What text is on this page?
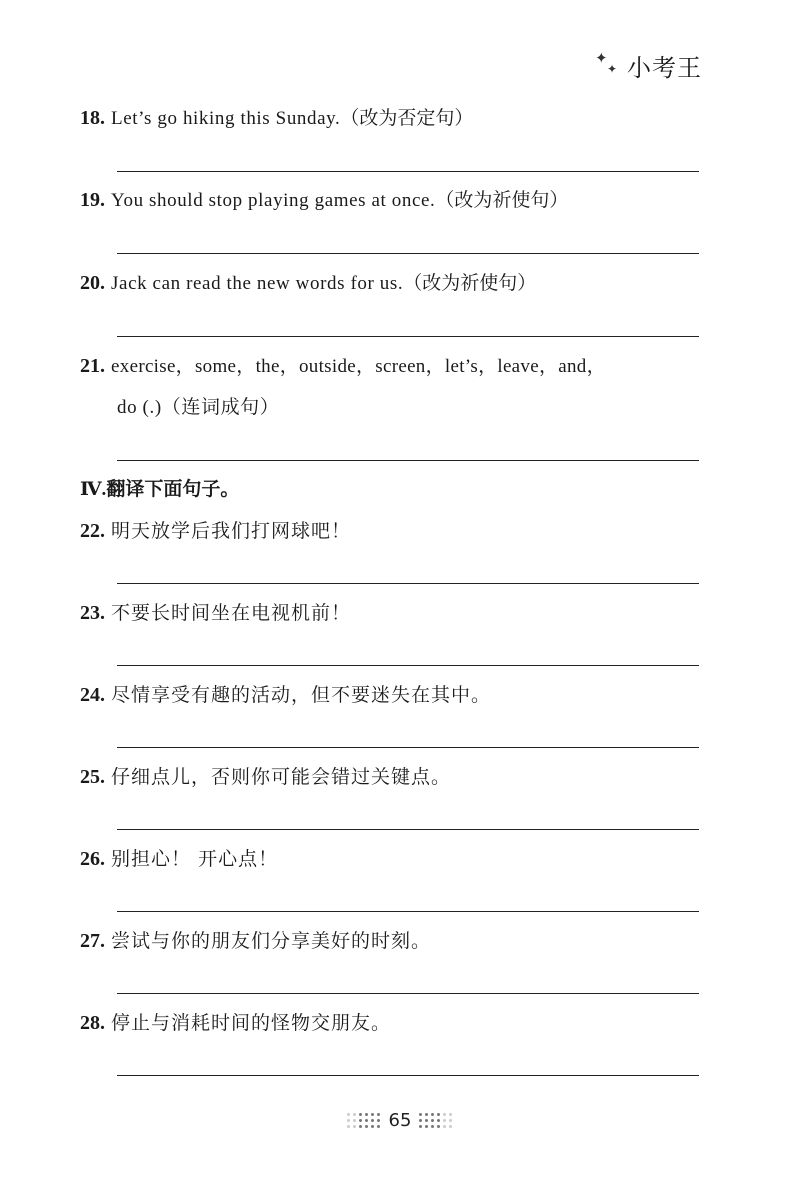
✦
✦ 小考王
18. Let’s go hiking this Sunday.（改为否定句）
19. You should stop playing games at once.（改为祈使句）
20. Jack can read the new words for us.（改为祈使句）
21. exercise，some，the，outside，screen，let’s，leave，and，
do (.)（连词成句）
Ⅳ.翻译下面句子。
22. 明天放学后我们打网球吧！
23. 不要长时间坐在电视机前！
24. 尽情享受有趣的活动，但不要迷失在其中。
25. 仔细点儿，否则你可能会错过关键点。
26. 别担心！ 开心点！
27. 尝试与你的朋友们分享美好的时刻。
28. 停止与消耗时间的怪物交朋友。
65
